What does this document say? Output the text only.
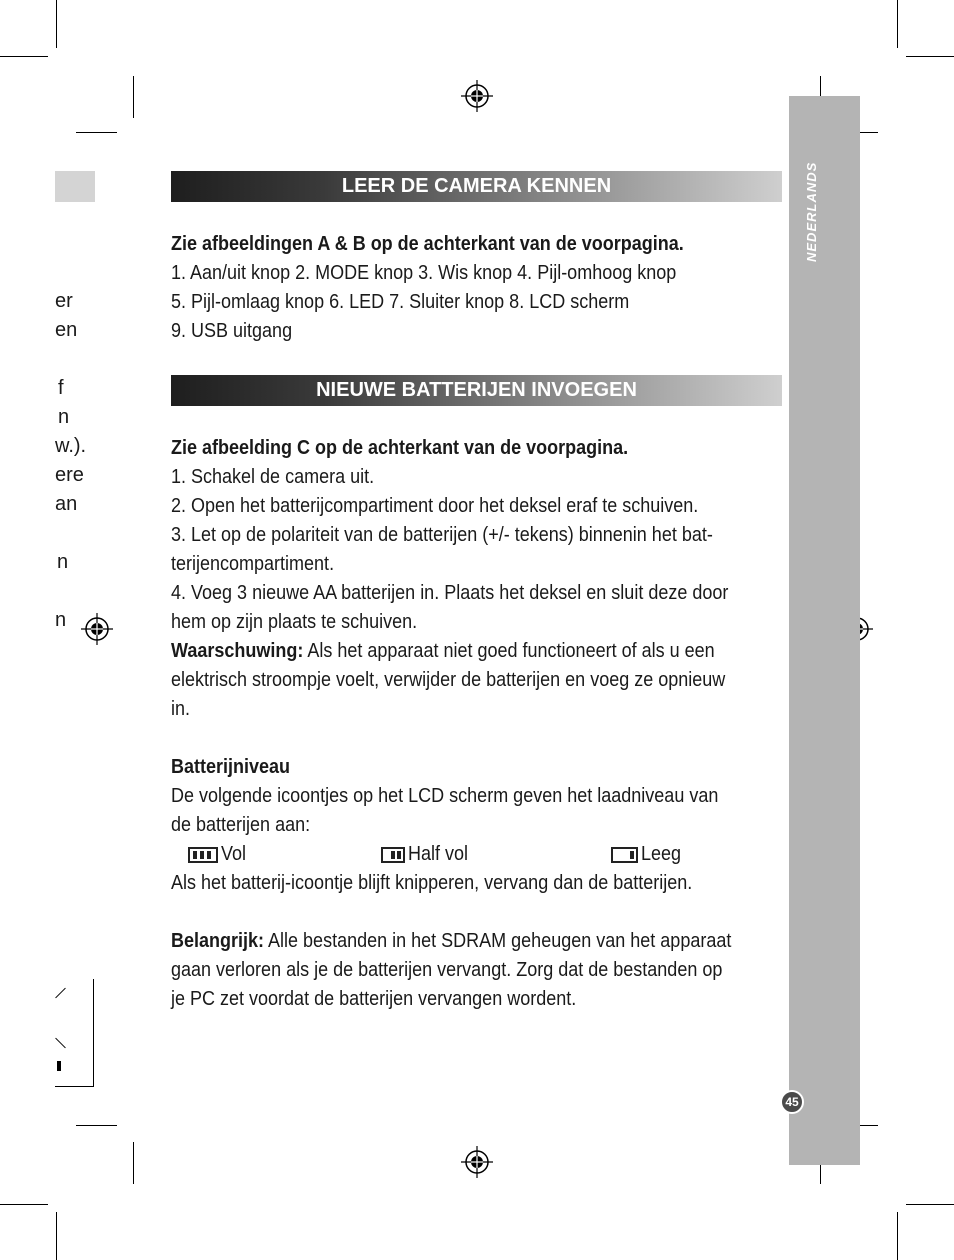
NEDERLANDS
er
en
f
n
w.).
ere
an
n
n
LEER DE CAMERA KENNEN
Zie afbeeldingen A & B op de achterkant van de voorpagina.
1. Aan/uit knop 2. MODE knop 3. Wis knop 4. Pijl-omhoog knop
5. Pijl-omlaag knop 6. LED 7. Sluiter knop 8. LCD scherm
9. USB uitgang
NIEUWE BATTERIJEN INVOEGEN
Zie afbeelding C op de achterkant van de voorpagina.
1. Schakel de camera uit.
2. Open het batterijcompartiment door het deksel eraf te schuiven.
3. Let op de polariteit van de batterijen (+/- tekens) binnenin het bat-
terijencompartiment.
4. Voeg 3 nieuwe AA batterijen in. Plaats het deksel en sluit deze door
hem op zijn plaats te schuiven.
Waarschuwing: Als het apparaat niet goed functioneert of als u een
elektrisch stroompje voelt, verwijder de batterijen en voeg ze opnieuw
in.
Batterijniveau
De volgende icoontjes op het LCD scherm geven het laadniveau van
de batterijen aan:
Vol	Half vol	Leeg
Als het batterij-icoontje blijft knipperen, vervang dan de batterijen.
Belangrijk: Alle bestanden in het SDRAM geheugen van het apparaat
gaan verloren als je de batterijen vervangt. Zorg dat de bestanden op
je PC zet voordat de batterijen vervangen wordent.
45
